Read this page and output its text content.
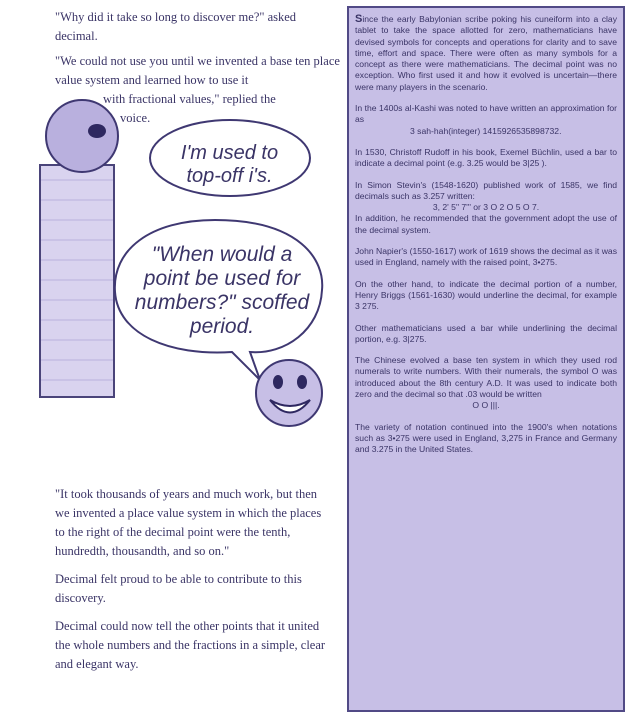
"Why did it take so long to discover me?" asked decimal.

"We could not use you until we invented a base ten place value system and learned how to use it

with fractional values," replied the

voice.

I'm used to top-off i's.
"When would a point be used for numbers?" scoffed period.

"It took thousands of years and much work, but then we invented a place value system in which the places to the right of the decimal point were the tenth, hundredth, thousandth, and so on."

Decimal felt proud to be able to contribute to this discovery.

Decimal could now tell the other points that it united the whole numbers and the fractions in a simple, clear and elegant way.

Since the early Babylonian scribe poking his cuneiform into a clay tablet to take the space allotted for zero, mathematicians have devised symbols for concepts and operations for clarity and to save time, effort and space. There were often as many symbols for a concept as there were mathematicians. The decimal point was no exception. Who first used it and how it evolved is uncertain—there were many players in the scenario.

In the 1400s al-Kashi was noted to have written an approximation for as
3 sah-hah(integer) 1415926535898732.

In 1530, Christoff Rudoff in his book, Exemel Büchlin, used a bar to indicate a decimal point (e.g. 3.25 would be 3|25 ).

In Simon Stevin's (1548-1620) published work of 1585, we find decimals such as 3.257 written:
3, 2' 5" 7'" or 3 O 2 O 5 O 7.
In addition, he recommended that the government adopt the use of the decimal system.

John Napier's (1550-1617) work of 1619 shows the decimal as it was used in England, namely with the raised point, 3•275.

On the other hand, to indicate the decimal portion of a number, Henry Briggs (1561-1630) would underline the decimal, for example 3 275.

Other mathematicians used a bar while underlining the decimal portion, e.g. 3|275.

The Chinese evolved a base ten system in which they used rod numerals to write numbers. With their numerals, the symbol O was introduced about the 8th century A.D. It was used to indicate both zero and the decimal so that .03 would be written
O O |||.

The variety of notation continued into the 1900's when notations such as 3•275 were used in England, 3,275 in France and Germany and 3.275 in the United States.
